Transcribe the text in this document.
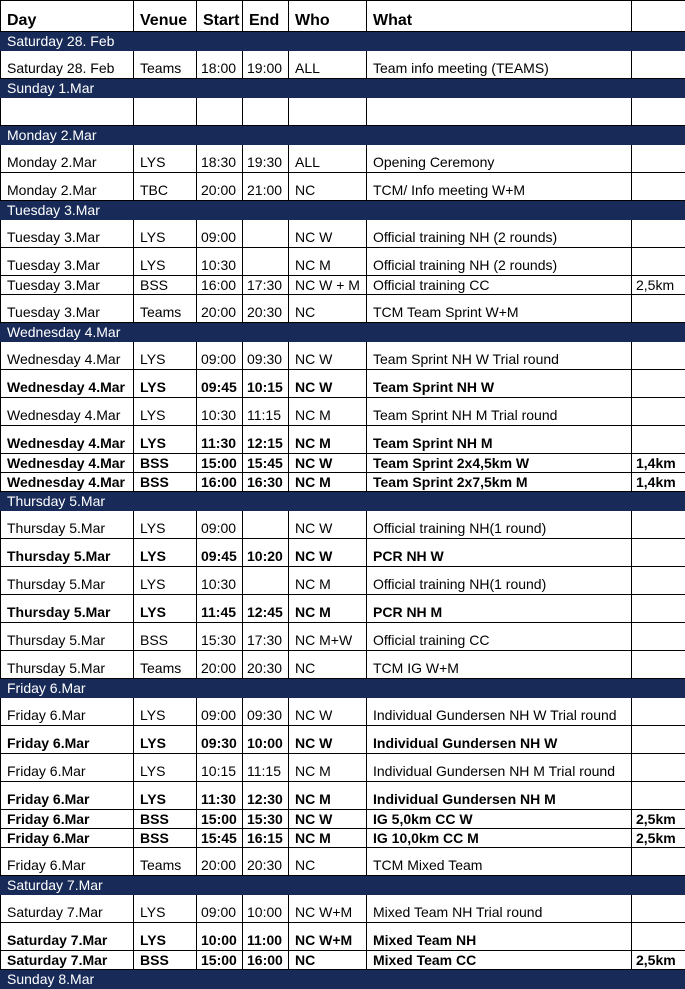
Day	Venue	Start	End	Who	What	
Saturday 28. Feb						
Saturday 28. Feb	Teams	18:00	19:00	ALL	Team info meeting (TEAMS)	
Sunday 1.Mar						

Monday 2.Mar						
Monday 2.Mar	LYS	18:30	19:30	ALL	Opening Ceremony	
Monday 2.Mar	TBC	20:00	21:00	NC	TCM/ Info meeting W+M	
Tuesday 3.Mar						
Tuesday 3.Mar	LYS	09:00		NC W	Official training NH (2 rounds)	
Tuesday 3.Mar	LYS	10:30		NC M	Official training NH (2 rounds)	
Tuesday 3.Mar	BSS	16:00	17:30	NC W + M	Official training CC	2,5km
Tuesday 3.Mar	Teams	20:00	20:30	NC	TCM Team Sprint W+M	
Wednesday 4.Mar						
Wednesday 4.Mar	LYS	09:00	09:30	NC W	Team Sprint NH W Trial round	
Wednesday 4.Mar	LYS	09:45	10:15	NC W	Team Sprint NH W	
Wednesday 4.Mar	LYS	10:30	11:15	NC M	Team Sprint NH M Trial round	
Wednesday 4.Mar	LYS	11:30	12:15	NC M	Team Sprint NH M	
Wednesday 4.Mar	BSS	15:00	15:45	NC W	Team Sprint 2x4,5km W	1,4km
Wednesday 4.Mar	BSS	16:00	16:30	NC M	Team Sprint 2x7,5km M	1,4km
Thursday 5.Mar						
Thursday 5.Mar	LYS	09:00		NC W	Official training NH(1 round)	
Thursday 5.Mar	LYS	09:45	10:20	NC W	PCR NH W	
Thursday 5.Mar	LYS	10:30		NC M	Official training NH(1 round)	
Thursday 5.Mar	LYS	11:45	12:45	NC M	PCR NH M	
Thursday 5.Mar	BSS	15:30	17:30	NC M+W	Official training CC	
Thursday 5.Mar	Teams	20:00	20:30	NC	TCM IG W+M	
Friday 6.Mar						
Friday 6.Mar	LYS	09:00	09:30	NC W	Individual Gundersen NH W Trial round	
Friday 6.Mar	LYS	09:30	10:00	NC W	Individual Gundersen NH W	
Friday 6.Mar	LYS	10:15	11:15	NC M	Individual Gundersen NH M Trial round	
Friday 6.Mar	LYS	11:30	12:30	NC M	Individual Gundersen NH M	
Friday 6.Mar	BSS	15:00	15:30	NC W	IG 5,0km CC W	2,5km
Friday 6.Mar	BSS	15:45	16:15	NC M	IG 10,0km CC M	2,5km
Friday 6.Mar	Teams	20:00	20:30	NC	TCM Mixed Team	
Saturday 7.Mar						
Saturday 7.Mar	LYS	09:00	10:00	NC W+M	Mixed Team NH Trial round	
Saturday 7.Mar	LYS	10:00	11:00	NC W+M	Mixed Team NH	
Saturday 7.Mar	BSS	15:00	16:00	NC	Mixed Team CC	2,5km
Sunday 8.Mar						
